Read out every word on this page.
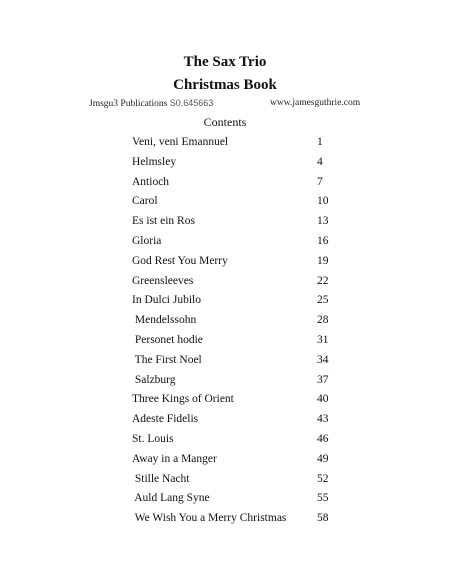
The Sax Trio
Christmas Book
Jmsgu3 Publications S0.645663	www.jamesguthrie.com
Contents
Veni, veni Emannuel	1
Helmsley	4
Antioch	7
Carol	10
Es ist ein Ros	13
Gloria	16
God Rest You Merry	19
Greensleeves	22
In Dulci Jubilo	25
Mendelssohn	28
Personet hodie	31
The First Noel	34
Salzburg	37
Three Kings of Orient	40
Adeste Fidelis	43
St. Louis	46
Away in a Manger	49
Stille Nacht	52
Auld Lang Syne	55
We Wish You a Merry Christmas	58
